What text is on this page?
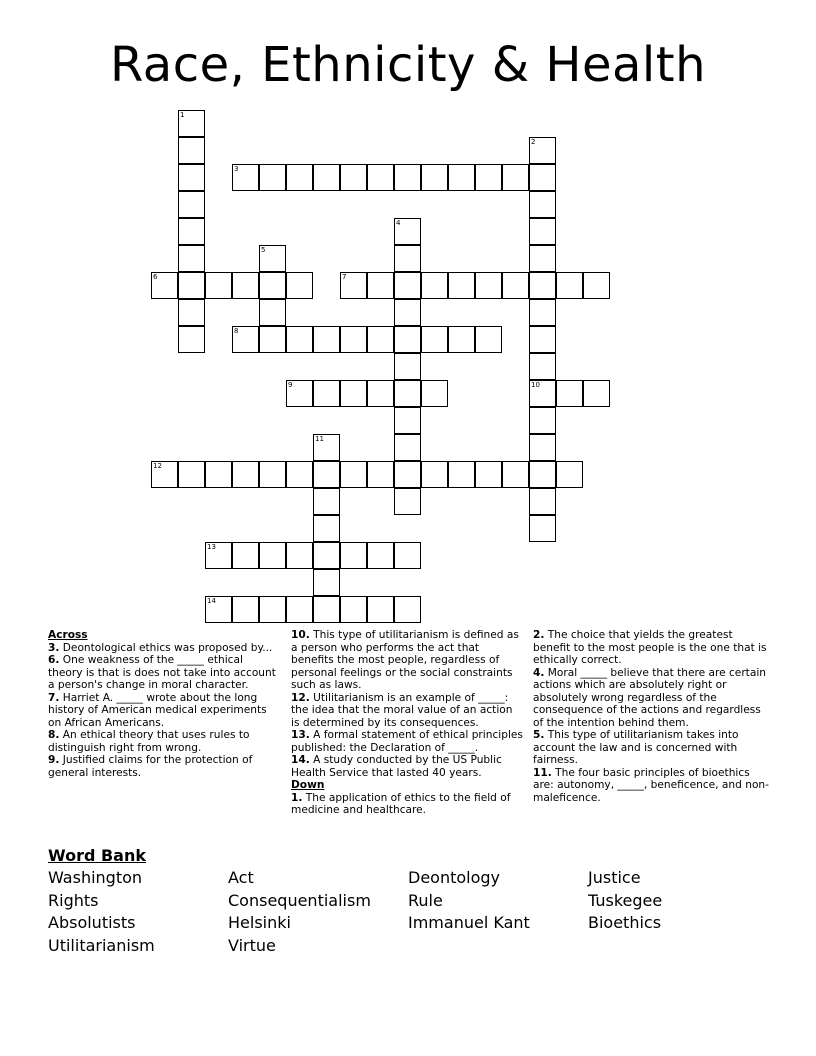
Race, Ethnicity & Health
1
2
10
3
4
5
6	7
8
9
11
12
13
14
Across
3. Deontological ethics was proposed by...
6. One weakness of the _____ ethical theory is that is does not take into account a person's change in moral character.
7. Harriet A. _____ wrote about the long history of American medical experiments on African Americans.
8. An ethical theory that uses rules to distinguish right from wrong.
9. Justified claims for the protection of general interests.
10. This type of utilitarianism is defined as a person who performs the act that benefits the most people, regardless of personal feelings or the social constraints such as laws.
12. Utilitarianism is an example of _____: the idea that the moral value of an action is determined by its consequences.
13. A formal statement of ethical principles published: the Declaration of _____.
14. A study conducted by the US Public Health Service that lasted 40 years.
Down
1. The application of ethics to the field of medicine and healthcare.
2. The choice that yields the greatest benefit to the most people is the one that is ethically correct.
4. Moral _____ believe that there are certain actions which are absolutely right or absolutely wrong regardless of the consequence of the actions and regardless of the intention behind them.
5. This type of utilitarianism takes into account the law and is concerned with fairness.
11. The four basic principles of bioethics are: autonomy, _____, beneficence, and non-maleficence.
Word Bank
Washington	Act	Deontology	Justice
Rights	Consequentialism	Rule	Tuskegee
Absolutists	Helsinki	Immanuel Kant	Bioethics
Utilitarianism	Virtue
